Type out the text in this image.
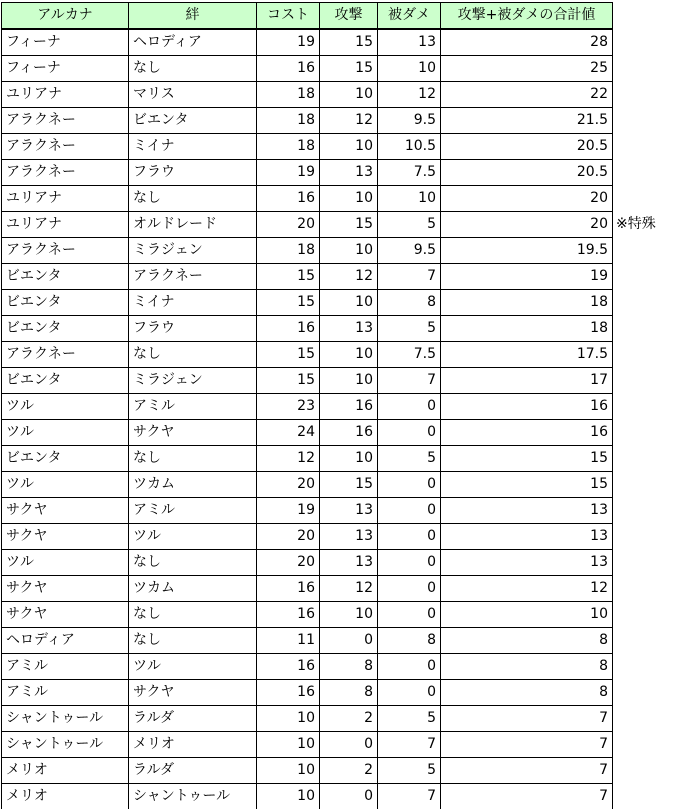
アルカナ	絆	コスト	攻撃	被ダメ	攻撃+被ダメの合計値
フィーナ	ヘロディア	19	15	13	28
フィーナ	なし	16	15	10	25
ユリアナ	マリス	18	10	12	22
アラクネー	ビエンタ	18	12	9.5	21.5
アラクネー	ミイナ	18	10	10.5	20.5
アラクネー	フラウ	19	13	7.5	20.5
ユリアナ	なし	16	10	10	20
ユリアナ	オルドレード	20	15	5	20
アラクネー	ミラジェン	18	10	9.5	19.5
ビエンタ	アラクネー	15	12	7	19
ビエンタ	ミイナ	15	10	8	18
ビエンタ	フラウ	16	13	5	18
アラクネー	なし	15	10	7.5	17.5
ビエンタ	ミラジェン	15	10	7	17
ツル	アミル	23	16	0	16
ツル	サクヤ	24	16	0	16
ビエンタ	なし	12	10	5	15
ツル	ツカム	20	15	0	15
サクヤ	アミル	19	13	0	13
サクヤ	ツル	20	13	0	13
ツル	なし	20	13	0	13
サクヤ	ツカム	16	12	0	12
サクヤ	なし	16	10	0	10
ヘロディア	なし	11	0	8	8
アミル	ツル	16	8	0	8
アミル	サクヤ	16	8	0	8
シャントゥール	ラルダ	10	2	5	7
シャントゥール	メリオ	10	0	7	7
メリオ	ラルダ	10	2	5	7
メリオ	シャントゥール	10	0	7	7
※特殊
